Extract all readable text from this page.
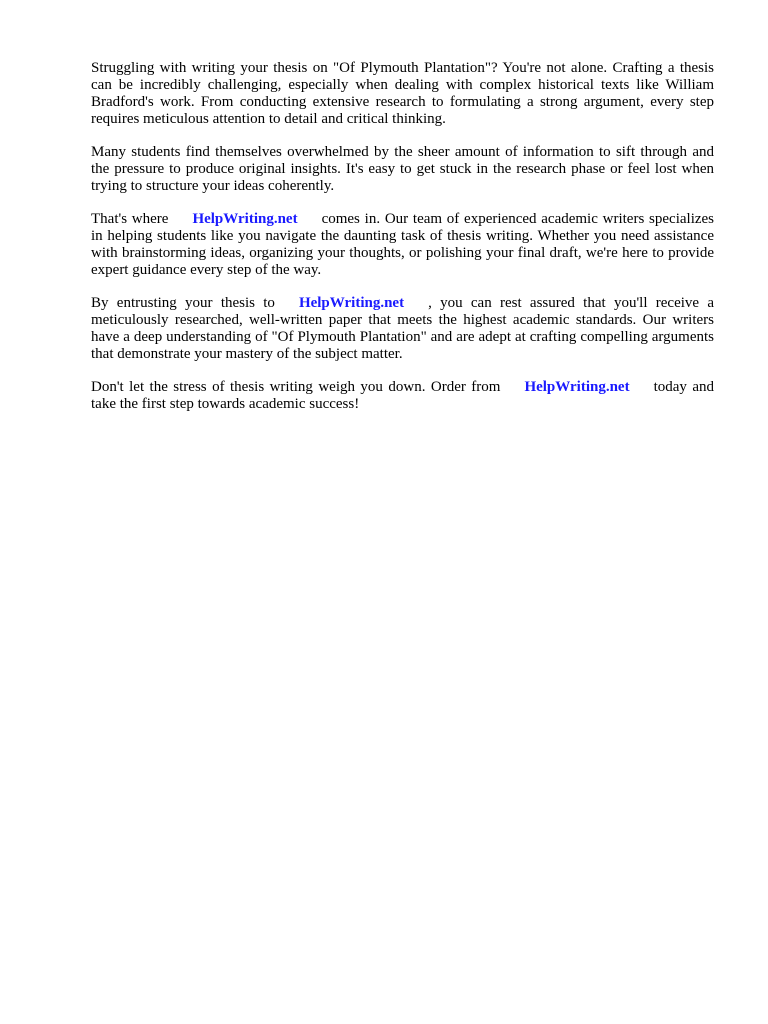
Struggling with writing your thesis on "Of Plymouth Plantation"? You're not alone. Crafting a thesis can be incredibly challenging, especially when dealing with complex historical texts like William Bradford's work. From conducting extensive research to formulating a strong argument, every step requires meticulous attention to detail and critical thinking.

Many students find themselves overwhelmed by the sheer amount of information to sift through and the pressure to produce original insights. It's easy to get stuck in the research phase or feel lost when trying to structure your ideas coherently.

That's where HelpWriting.net comes in. Our team of experienced academic writers specializes in helping students like you navigate the daunting task of thesis writing. Whether you need assistance with brainstorming ideas, organizing your thoughts, or polishing your final draft, we're here to provide expert guidance every step of the way.

By entrusting your thesis to HelpWriting.net , you can rest assured that you'll receive a meticulously researched, well-written paper that meets the highest academic standards. Our writers have a deep understanding of "Of Plymouth Plantation" and are adept at crafting compelling arguments that demonstrate your mastery of the subject matter.

Don't let the stress of thesis writing weigh you down. Order from HelpWriting.net today and take the first step towards academic success!
